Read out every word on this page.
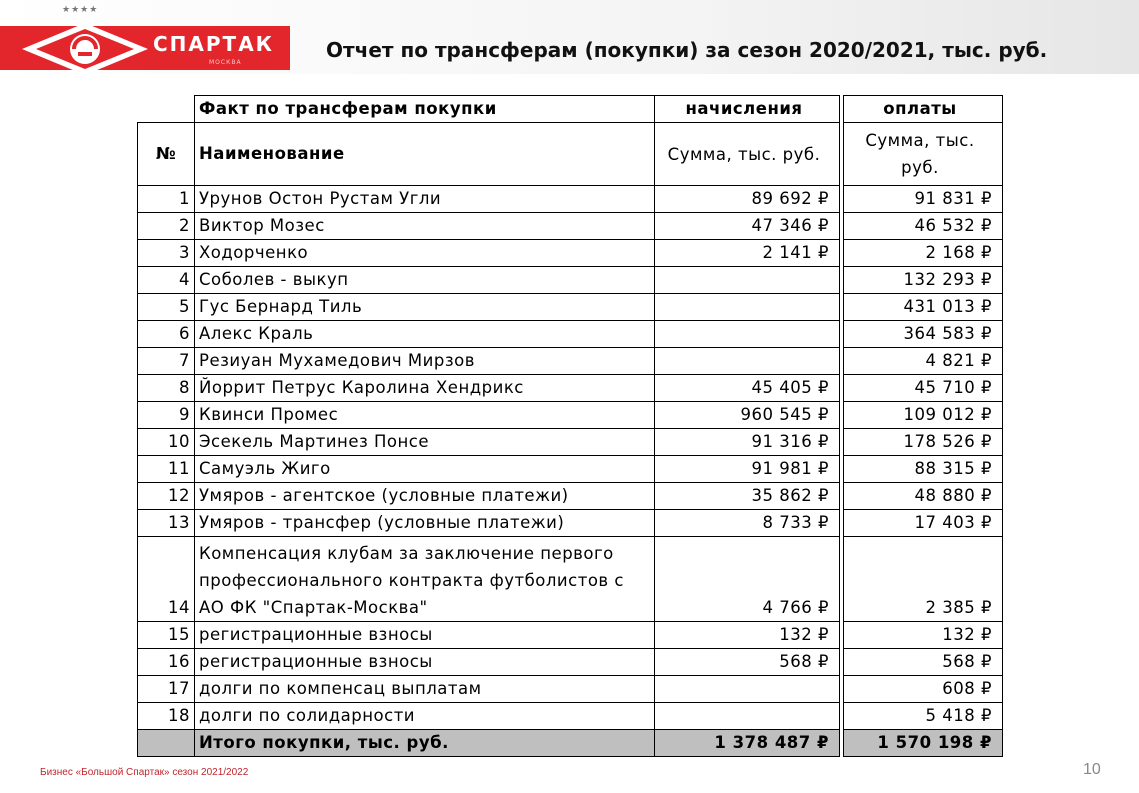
★★★★
СПАРТАК
МОСКВА
Отчет по трансферам (покупки) за сезон 2020/2021, тыс. руб.
	Факт по трансферам покупки	начисления		оплаты
№	Наименование	Сумма, тыс. руб.		Сумма, тыс. руб.
1	Урунов Остон Рустам Угли	89 692 ₽		91 831 ₽
2	Виктор Мозес	47 346 ₽		46 532 ₽
3	Ходорченко	2 141 ₽		2 168 ₽
4	Соболев - выкуп			132 293 ₽
5	Гус Бернард Тиль			431 013 ₽
6	Алекс Краль			364 583 ₽
7	Резиуан Мухамедович Мирзов			4 821 ₽
8	Йоррит Петрус Каролина Хендрикс	45 405 ₽		45 710 ₽
9	Квинси Промес	960 545 ₽		109 012 ₽
10	Эсекель Мартинез Понсе	91 316 ₽		178 526 ₽
11	Самуэль Жиго	91 981 ₽		88 315 ₽
12	Умяров - агентское (условные платежи)	35 862 ₽		48 880 ₽
13	Умяров - трансфер (условные платежи)	8 733 ₽		17 403 ₽
14	Компенсация клубам за заключение первого профессионального контракта футболистов с АО ФК "Спартак-Москва"	4 766 ₽		2 385 ₽
15	регистрационные взносы	132 ₽		132 ₽
16	регистрационные взносы	568 ₽		568 ₽
17	долги по компенсац выплатам			608 ₽
18	долги по солидарности			5 418 ₽
	Итого покупки, тыс. руб.	1 378 487 ₽		1 570 198 ₽
Бизнес «Большой Спартак» сезон 2021/2022	10
